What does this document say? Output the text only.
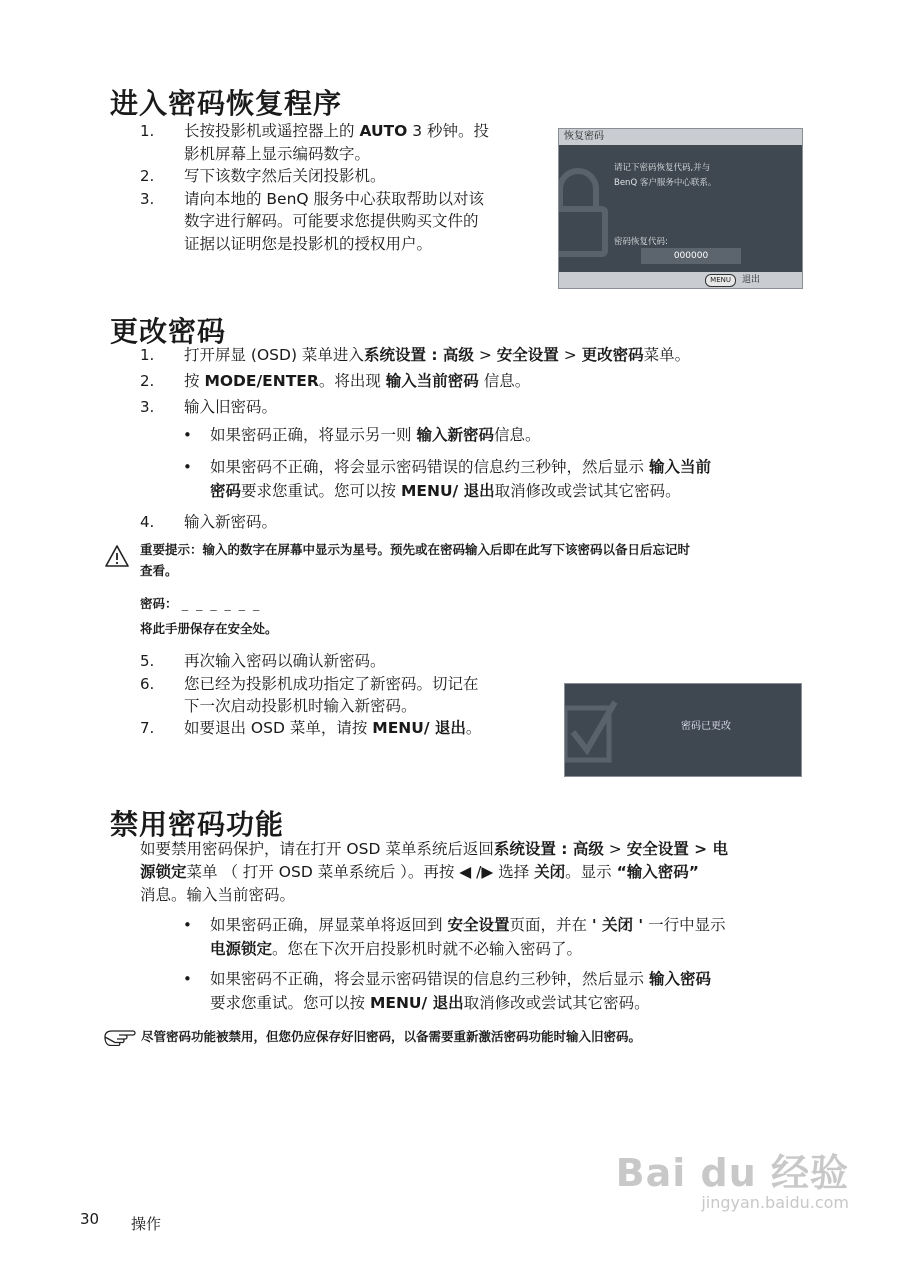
进入密码恢复程序
1. 长按投影机或遥控器上的 AUTO 3 秒钟。投
影机屏幕上显示编码数字。
2. 写下该数字然后关闭投影机。
3. 请向本地的 BenQ 服务中心获取帮助以对该
数字进行解码。可能要求您提供购买文件的
证据以证明您是投影机的授权用户。
恢复密码
请记下密码恢复代码,并与
BenQ 客户服务中心联系。
密码恢复代码:
000000
MENU	退出
更改密码
1. 打开屏显 (OSD) 菜单进入系统设置 : 高级 > 安全设置 > 更改密码菜单。
2. 按 MODE/ENTER。将出现 输入当前密码 信息。
3. 输入旧密码。
• 如果密码正确，将显示另一则 输入新密码信息。
• 如果密码不正确，将会显示密码错误的信息约三秒钟，然后显示 输入当前
密码要求您重试。您可以按 MENU/ 退出取消修改或尝试其它密码。
4. 输入新密码。
重要提示：输入的数字在屏幕中显示为星号。预先或在密码输入后即在此写下该密码以备日后忘记时
查看。
密码： _ _ _ _ _ _
将此手册保存在安全处。
5. 再次输入密码以确认新密码。
6. 您已经为投影机成功指定了新密码。切记在
下一次启动投影机时输入新密码。
7. 如要退出 OSD 菜单，请按 MENU/ 退出。	密码已更改
禁用密码功能
如要禁用密码保护，请在打开 OSD 菜单系统后返回系统设置 : 高级 > 安全设置 > 电
源锁定菜单 （ 打开 OSD 菜单系统后 ）。再按 ◀ /▶ 选择 关闭。显示 “输入密码”
消息。输入当前密码。
• 如果密码正确，屏显菜单将返回到 安全设置页面，并在 ' 关闭 ' 一行中显示
电源锁定。您在下次开启投影机时就不必输入密码了。
• 如果密码不正确，将会显示密码错误的信息约三秒钟，然后显示 输入密码
要求您重试。您可以按 MENU/ 退出取消修改或尝试其它密码。
尽管密码功能被禁用，但您仍应保存好旧密码，以备需要重新激活密码功能时输入旧密码。
30 操作
Bai du 经验
jingyan.baidu.com
